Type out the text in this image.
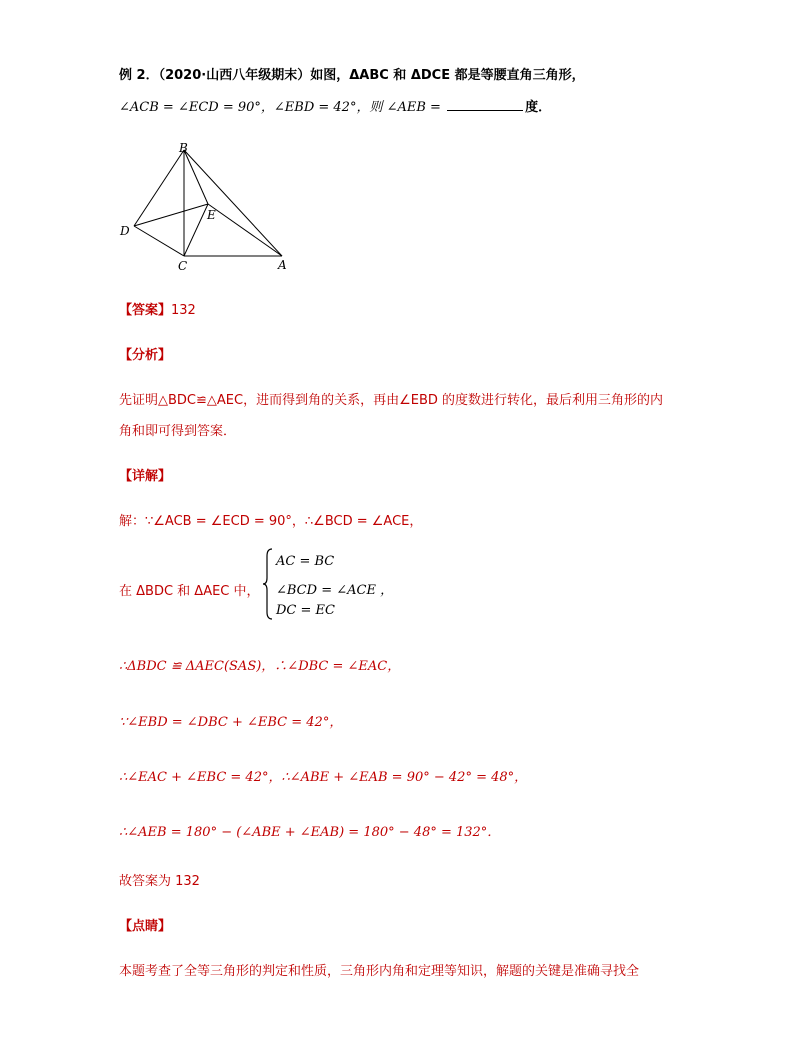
例 2．（2020·山西八年级期末）如图，ΔABC 和 ΔDCE 都是等腰直角三角形，
∠ACB = ∠ECD = 90°，∠EBD = 42°，则 ∠AEB =	度．
B
D
E
C	A
【答案】132
【分析】
先证明△BDC≌△AEC，进而得到角的关系，再由∠EBD 的度数进行转化，最后利用三角形的内
角和即可得到答案．
【详解】
解：∵∠ACB = ∠ECD = 90°，∴∠BCD = ∠ACE，
在 ΔBDC 和 ΔAEC 中，
AC = BC
∠BCD = ∠ACE ，
DC = EC
∴ΔBDC ≌ ΔAEC(SAS)，∴∠DBC = ∠EAC，
∵∠EBD = ∠DBC + ∠EBC = 42°，
∴∠EAC + ∠EBC = 42°，∴∠ABE + ∠EAB = 90° − 42° = 48°，
∴∠AEB = 180° − (∠ABE + ∠EAB) = 180° − 48° = 132°．
故答案为 132
【点睛】
本题考查了全等三角形的判定和性质，三角形内角和定理等知识，解题的关键是准确寻找全
